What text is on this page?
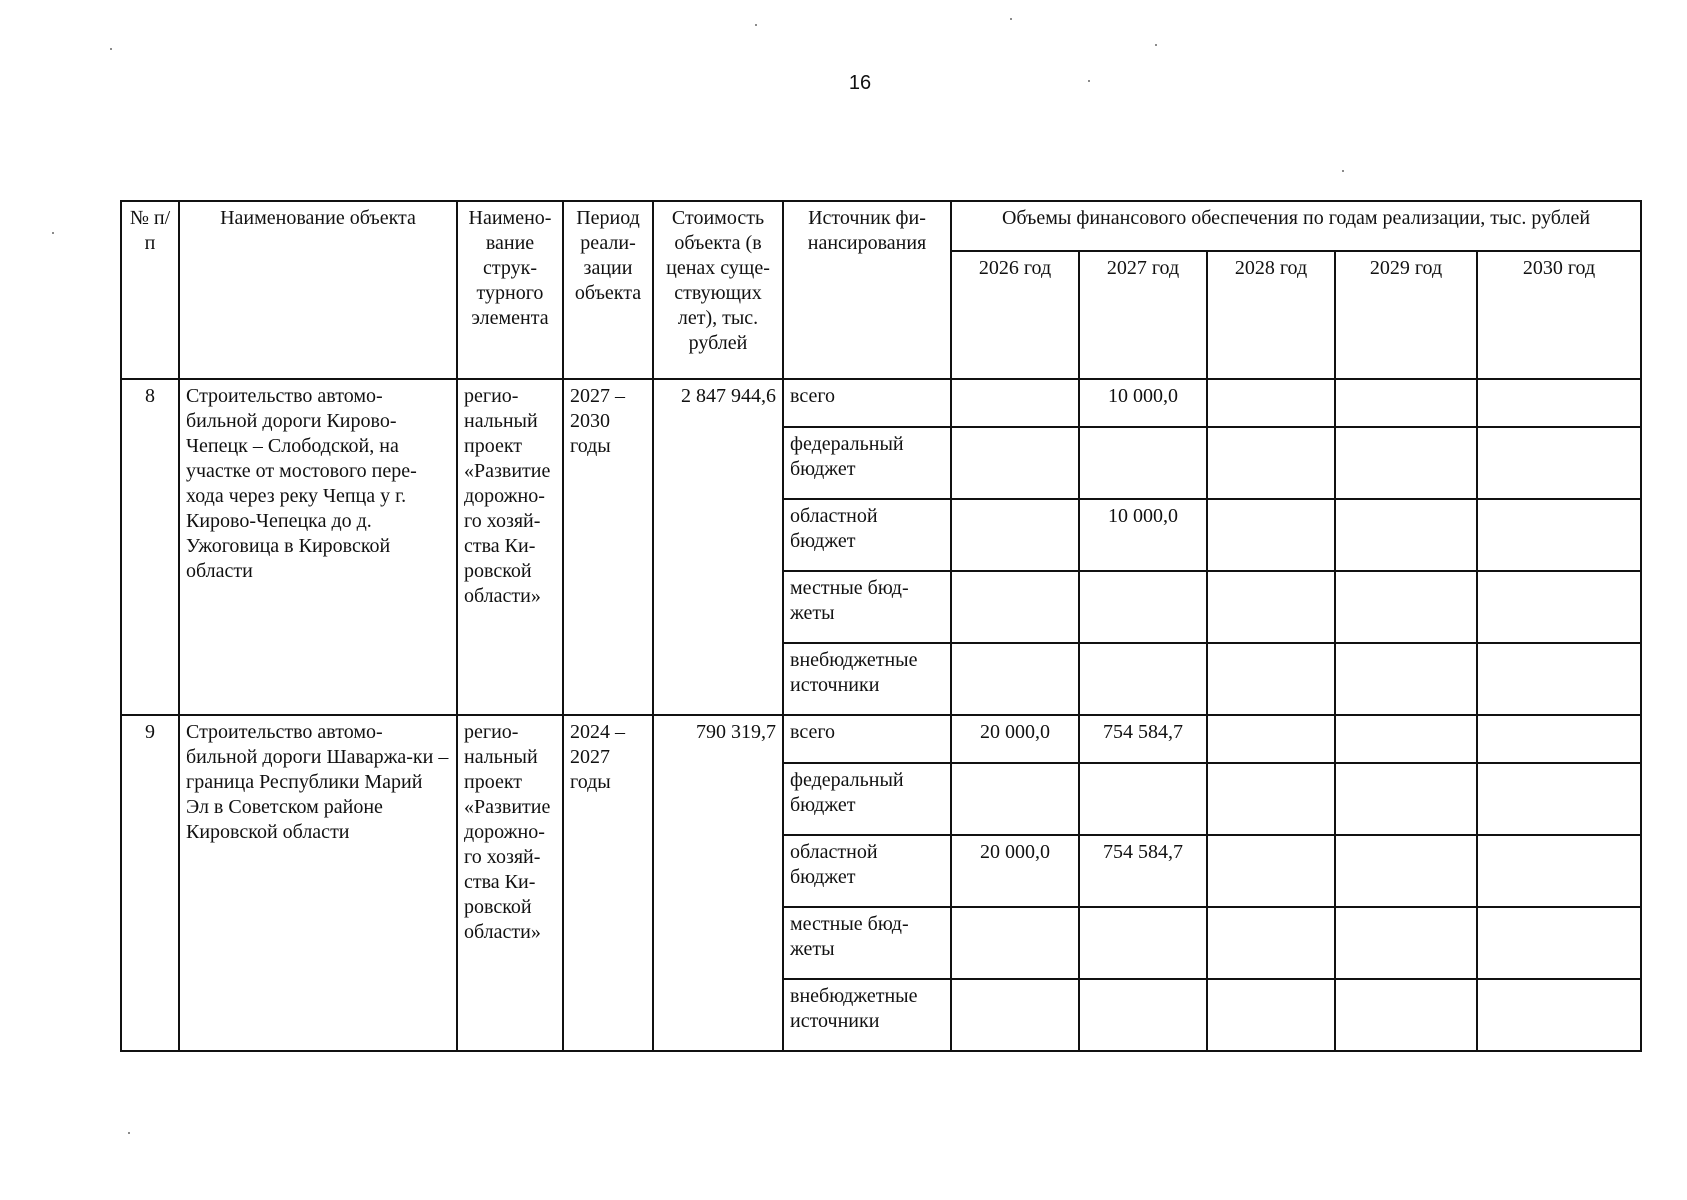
16
№ п/п	Наименование объекта	Наимено-вание струк-турного элемента	Период реали-зации объекта	Стоимость объекта (в ценах суще-ствующих лет), тыс. рублей	Источник фи-нансирования	Объемы финансового обеспечения по годам реализации, тыс. рублей				
						2026 год	2027 год	2028 год	2029 год	2030 год
8	Строительство автомо-бильной дороги Кирово-Чепецк – Слободской, на участке от мостового пере-хода через реку Чепца у г. Кирово-Чепецка до д. Ужоговица в Кировской области	регио-нальный проект «Развитие дорожно-го хозяй-ства Ки-ровской области»	2027 – 2030 годы	2 847 944,6	всего		10 000,0			
					федеральный бюджет					
					областной бюджет		10 000,0			
					местные бюд-жеты					
					внебюджетные источники					
9	Строительство автомо-бильной дороги Шаваржа-ки – граница Республики Марий Эл в Советском районе Кировской области	регио-нальный проект «Развитие дорожно-го хозяй-ства Ки-ровской области»	2024 – 2027 годы	790 319,7	всего	20 000,0	754 584,7			
					федеральный бюджет					
					областной бюджет	20 000,0	754 584,7			
					местные бюд-жеты					
					внебюджетные источники					
